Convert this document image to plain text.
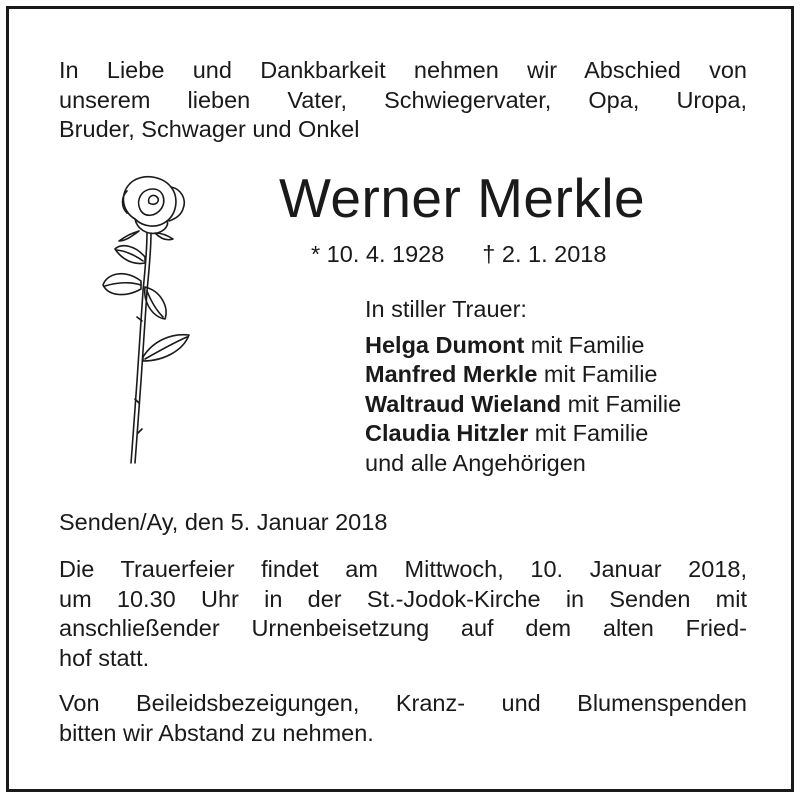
In Liebe und Dankbarkeit nehmen wir Abschied von
unserem lieben Vater, Schwiegervater, Opa, Uropa,
Bruder, Schwager und Onkel

Werner Merkle
* 10. 4. 1928 † 2. 1. 2018
In stiller Trauer:
Helga Dumont mit Familie
Manfred Merkle mit Familie
Waltraud Wieland mit Familie
Claudia Hitzler mit Familie
und alle Angehörigen

Senden/Ay, den 5. Januar 2018

Die Trauerfeier findet am Mittwoch, 10. Januar 2018,
um 10.30 Uhr in der St.-Jodok-Kirche in Senden mit
anschließender Urnenbeisetzung auf dem alten Fried-
hof statt.

Von Beileidsbezeigungen, Kranz- und Blumenspenden
bitten wir Abstand zu nehmen.
